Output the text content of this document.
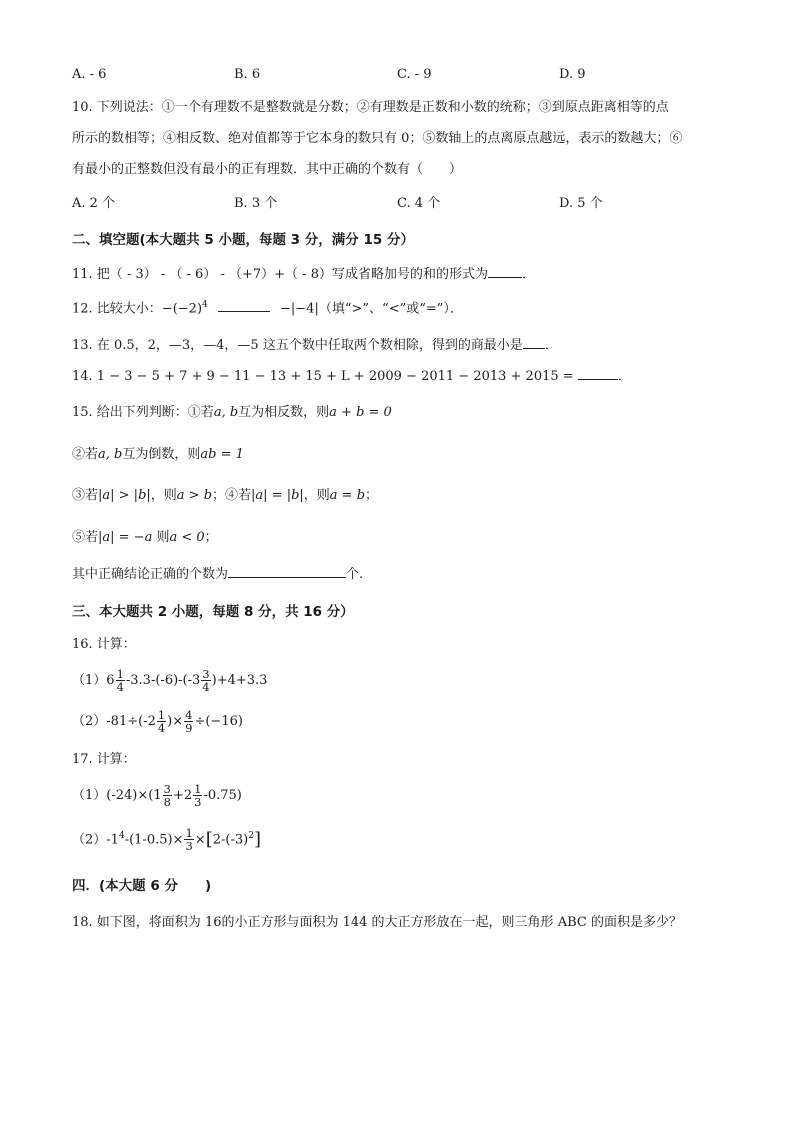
A. - 6	B. 6	C. - 9	D. 9
10. 下列说法：①一个有理数不是整数就是分数；②有理数是正数和小数的统称；③到原点距离相等的点
所示的数相等；④相反数、绝对值都等于它本身的数只有 0；⑤数轴上的点离原点越远，表示的数越大；⑥
有最小的正整数但没有最小的正有理数．其中正确的个数有（　　）
A. 2 个	B. 3 个	C. 4 个	D. 5 个
二、填空题(本大题共 5 小题，每题 3 分，满分 15 分）
11. 把（ - 3） - （ - 6） - （+7）+（ - 8）写成省略加号的和的形式为	．
12. 比较大小：$-(-2)^4$	−|−4|（填“>”、“<”或“=”）．
13. 在 0.5，2，—3，—4，—5 这五个数中任取两个数相除，得到的商最小是 ．
14. 1 − 3 − 5 + 7 + 9 − 11 − 13 + 15 + L + 2009 − 2011 − 2013 + 2015 =	．
15. 给出下列判断：①若a, b互为相反数，则a + b = 0
②若a, b互为倒数，则ab = 1
③若|a| > |b|，则a > b；④若|a| = |b|，则a = b；
⑤若|a| = −a 则a < 0；
其中正确结论正确的个数为	个.
三、本大题共 2 小题，每题 8 分，共 16 分）
16. 计算：
$(1)6 \frac{1}{4} -3.3-(-6)-(-3 \frac{3}{4} )+4+3.3$
$(2)-81\div(-2 \frac{1}{4}$ )× $\frac{4}{9} \div(-16)$
17. 计算：
$(1)(-24)\times(1 \frac{3}{8} +2 \frac{1}{3} -0.75)$
$(2)-1^4-(1-0.5)\times \frac{1}{3} \times[2-(-3)^2]$
四．(本大题 6 分　　)
18. 如下图，将面积为 16的小正方形与面积为 144 的大正方形放在一起，则三角形 ABC 的面积是多少？
